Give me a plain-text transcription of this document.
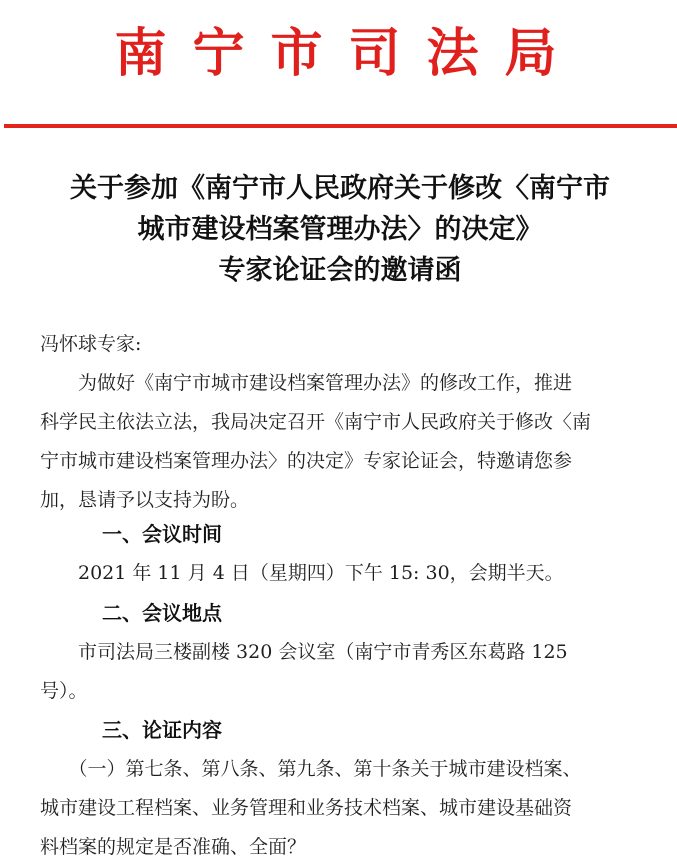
南宁市司法局
关于参加《南宁市人民政府关于修改〈南宁市
城市建设档案管理办法〉的决定》
专家论证会的邀请函
冯怀球专家:
　　为做好《南宁市城市建设档案管理办法》的修改工作，推进
科学民主依法立法，我局决定召开《南宁市人民政府关于修改〈南
宁市城市建设档案管理办法〉的决定》专家论证会，特邀请您参
加，恳请予以支持为盼。
一、会议时间
　　2021 年 11 月 4 日（星期四）下午 15: 30，会期半天。
二、会议地点
　　市司法局三楼副楼 320 会议室（南宁市青秀区东葛路 125
号）。
三、论证内容
　　（一）第七条、第八条、第九条、第十条关于城市建设档案、
城市建设工程档案、业务管理和业务技术档案、城市建设基础资
料档案的规定是否准确、全面？
